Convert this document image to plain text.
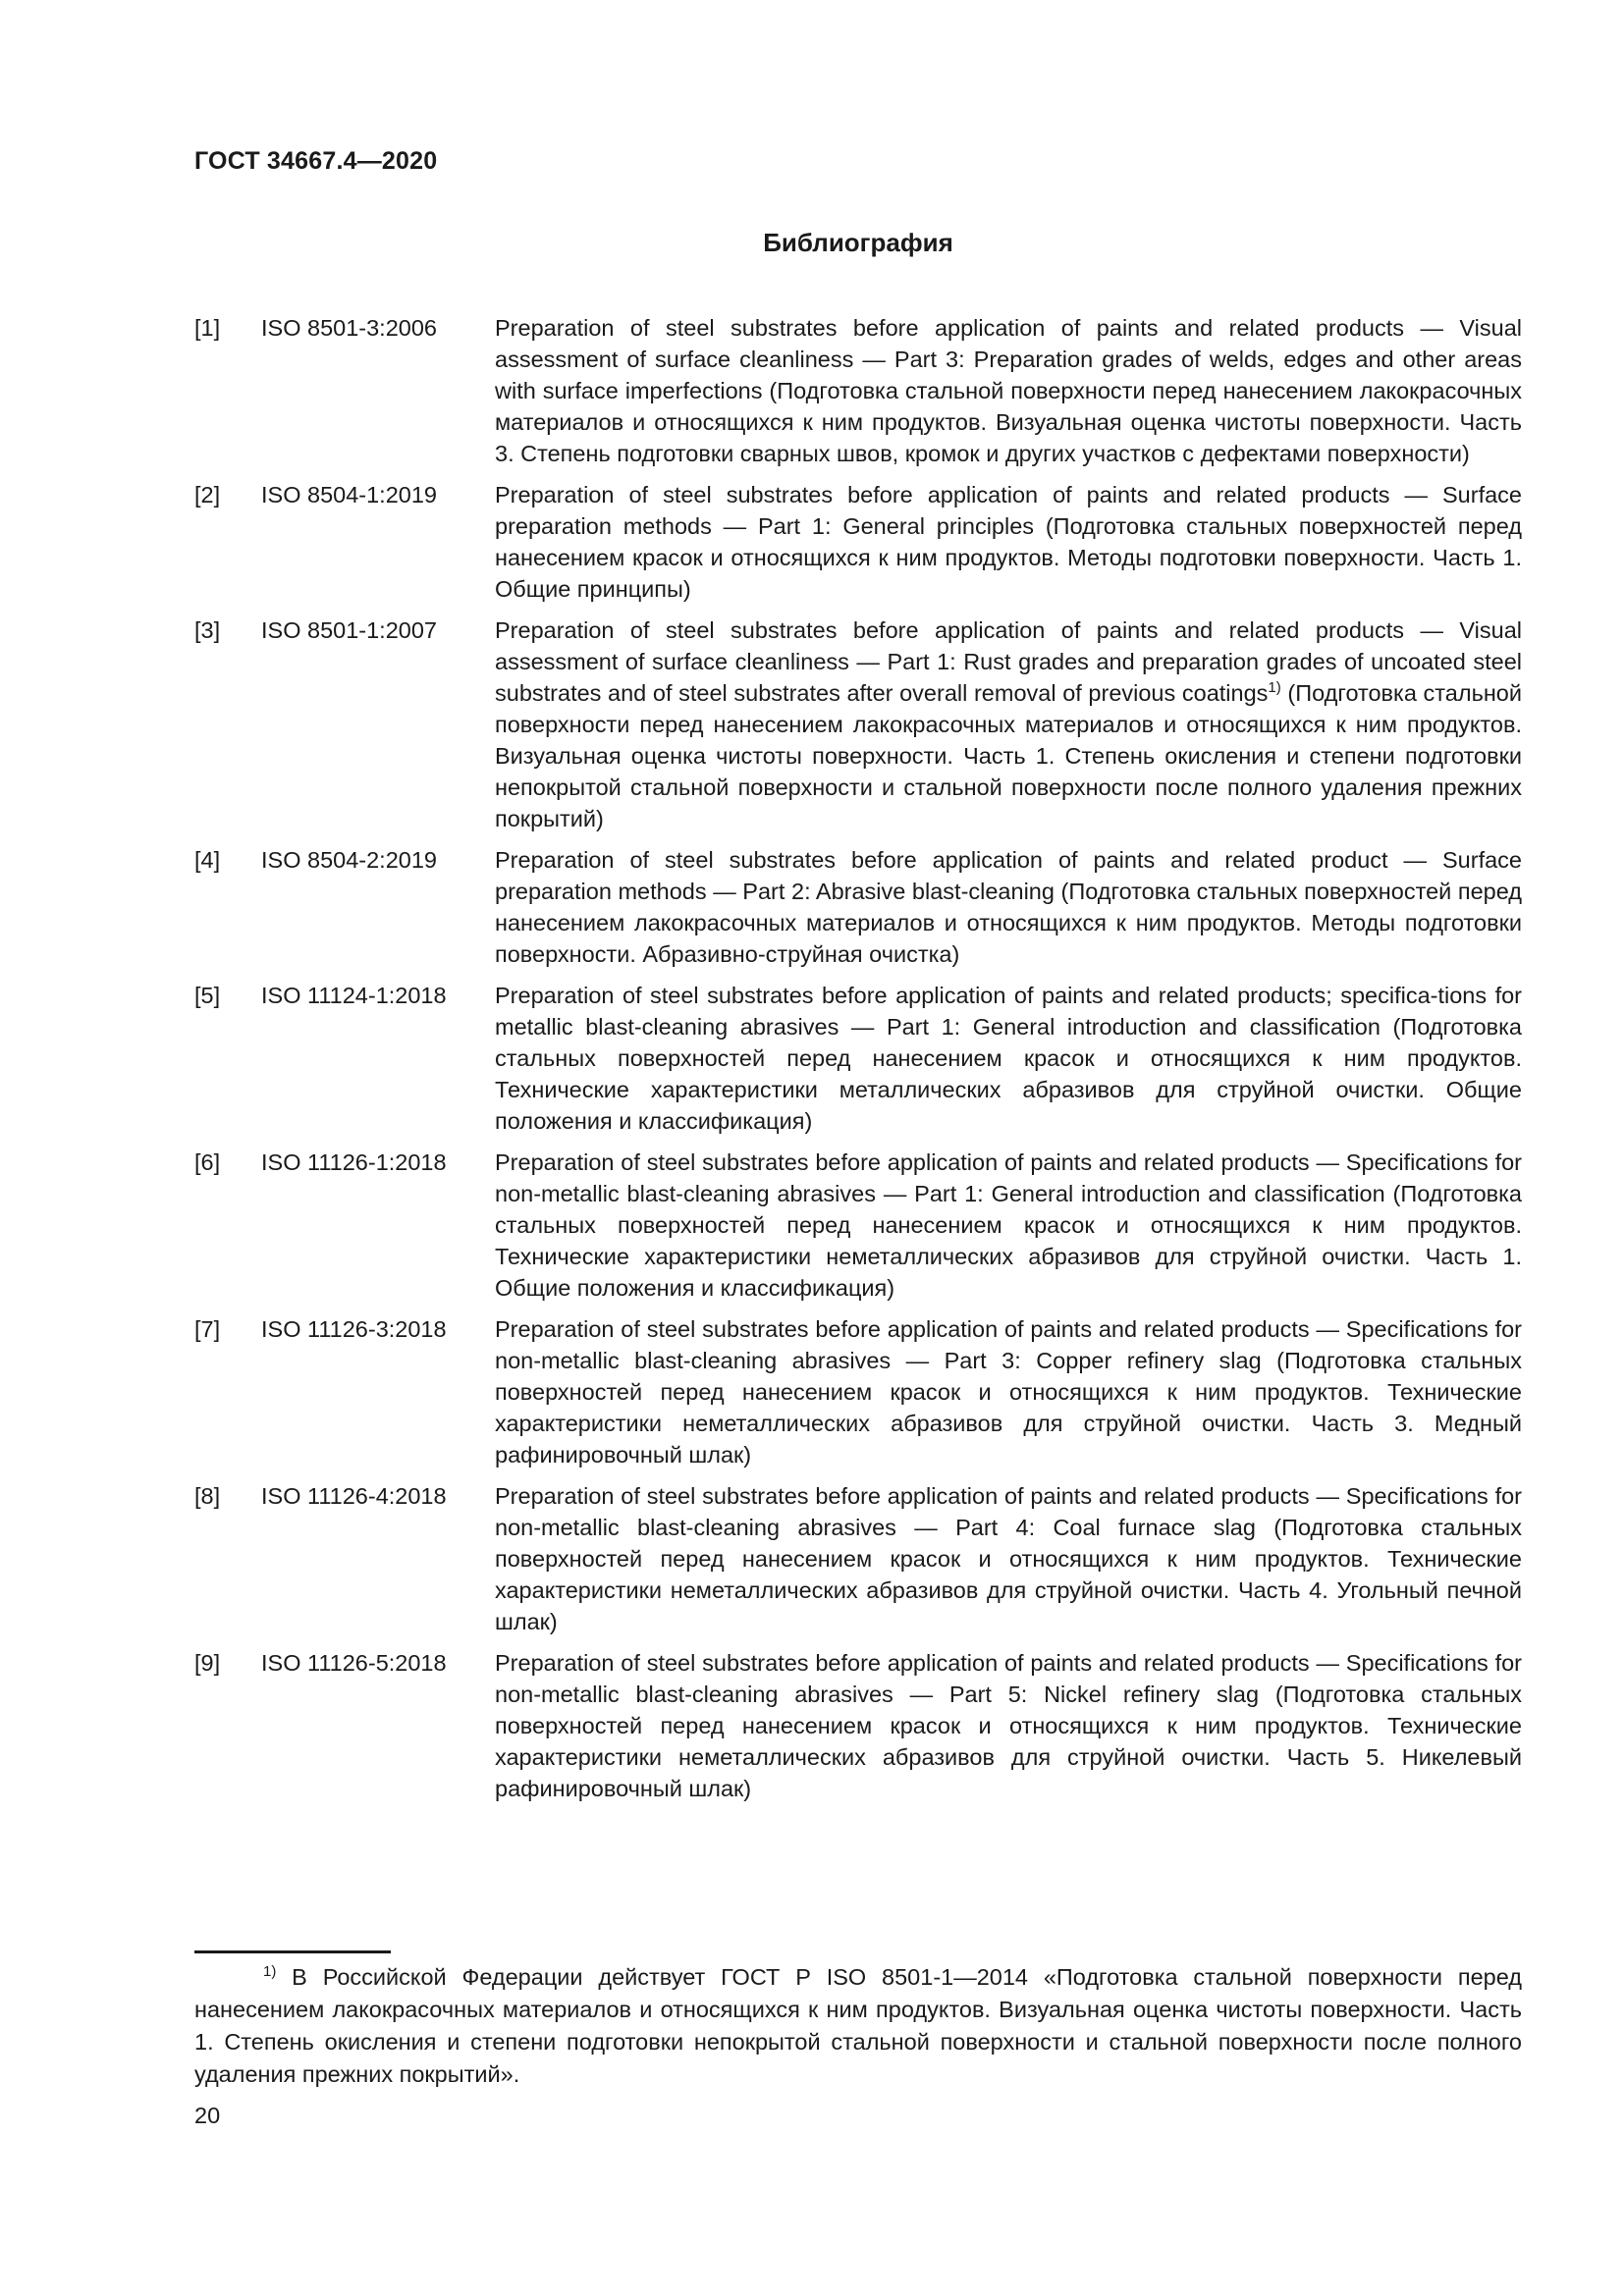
ГОСТ 34667.4—2020
Библиография
[1]	ISO 8501-3:2006	Preparation of steel substrates before application of paints and related products — Visual assessment of surface cleanliness — Part 3: Preparation grades of welds, edges and other areas with surface imperfections (Подготовка стальной поверхности перед нанесением лакокрасочных материалов и относящихся к ним продуктов. Визуальная оценка чистоты поверхности. Часть 3. Степень подготовки сварных швов, кромок и других участков с дефектами поверхности)
[2]	ISO 8504-1:2019	Preparation of steel substrates before application of paints and related products — Surface preparation methods — Part 1: General principles (Подготовка стальных поверхностей перед нанесением красок и относящихся к ним продуктов. Методы подготовки поверхности. Часть 1. Общие принципы)
[3]	ISO 8501-1:2007	Preparation of steel substrates before application of paints and related products — Visual assessment of surface cleanliness — Part 1: Rust grades and preparation grades of uncoated steel substrates and of steel substrates after overall removal of previous coatings$^{1)}$ (Подготовка стальной поверхности перед нанесением лакокрасочных материалов и относящихся к ним продуктов. Визуальная оценка чистоты поверхности. Часть 1. Степень окисления и степени подготовки непокрытой стальной поверхности и стальной поверхности после полного удаления прежних покрытий)
[4]	ISO 8504-2:2019	Preparation of steel substrates before application of paints and related product — Surface preparation methods — Part 2: Abrasive blast-cleaning (Подготовка стальных поверхностей перед нанесением лакокрасочных материалов и относящихся к ним продуктов. Методы подготовки поверхности. Абразивно-струйная очистка)
[5]	ISO 11124-1:2018	Preparation of steel substrates before application of paints and related products; specifica-tions for metallic blast-cleaning abrasives — Part 1: General introduction and classification (Подготовка стальных поверхностей перед нанесением красок и относящихся к ним продуктов. Технические характеристики металлических абразивов для струйной очистки. Общие положения и классификация)
[6]	ISO 11126-1:2018	Preparation of steel substrates before application of paints and related products — Specifications for non-metallic blast-cleaning abrasives — Part 1: General introduction and classification (Подготовка стальных поверхностей перед нанесением красок и относящихся к ним продуктов. Технические характеристики неметаллических абразивов для струйной очистки. Часть 1. Общие положения и классификация)
[7]	ISO 11126-3:2018	Preparation of steel substrates before application of paints and related products — Specifications for non-metallic blast-cleaning abrasives — Part 3: Copper refinery slag (Подготовка стальных поверхностей перед нанесением красок и относящихся к ним продуктов. Технические характеристики неметаллических абразивов для струйной очистки. Часть 3. Медный рафинировочный шлак)
[8]	ISO 11126-4:2018	Preparation of steel substrates before application of paints and related products — Specifications for non-metallic blast-cleaning abrasives — Part 4: Coal furnace slag (Подготовка стальных поверхностей перед нанесением красок и относящихся к ним продуктов. Технические характеристики неметаллических абразивов для струйной очистки. Часть 4. Угольный печной шлак)
[9]	ISO 11126-5:2018	Preparation of steel substrates before application of paints and related products — Specifications for non-metallic blast-cleaning abrasives — Part 5: Nickel refinery slag (Подготовка стальных поверхностей перед нанесением красок и относящихся к ним продуктов. Технические характеристики неметаллических абразивов для струйной очистки. Часть 5. Никелевый рафинировочный шлак)
$^{1)}$ В Российской Федерации действует ГОСТ Р ISO 8501-1—2014 «Подготовка стальной поверхности перед нанесением лакокрасочных материалов и относящихся к ним продуктов. Визуальная оценка чистоты поверхности. Часть 1. Степень окисления и степени подготовки непокрытой стальной поверхности и стальной поверхности после полного удаления прежних покрытий».
20
